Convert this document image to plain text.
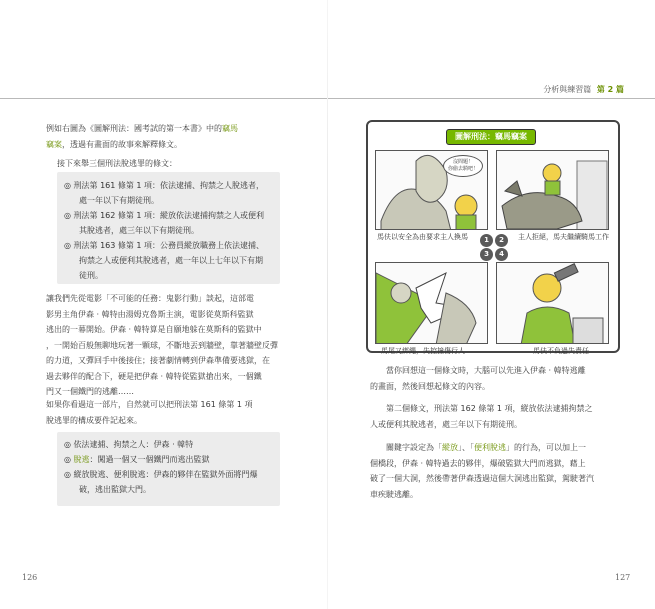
分析與練習篇 第 2 篇
例如右圖為《圖解刑法：國考試的第一本書》中的竊馬
竊案，透過有畫面的故事來解釋條文。
接下來舉三個刑法脫逃罪的條文：
◎ 刑法第 161 條第 1 項：依法逮捕、拘禁之人脫逃者，
處一年以下有期徒刑。
◎ 刑法第 162 條第 1 項：縱放依法逮捕拘禁之人或便利
其脫逃者，處三年以下有期徒刑。
◎ 刑法第 163 條第 1 項：公務員縱放職務上依法逮捕、
拘禁之人或便利其脫逃者，處一年以上七年以下有期
徒刑。
讓我們先從電影「不可能的任務：鬼影行動」談起，這部電
影男主角伊森 ‧ 韓特由湯姆克魯斯主演，電影從莫斯科監獄
逃出的一幕開始。伊森 ‧ 韓特算是自願地躲在莫斯科的監獄中
，一開始百般無聊地玩著一顆球，不斷地丟到牆壁，靠著牆壁反彈
的力道，又彈回手中後接住；接著劇情轉到伊森準備要逃獄，在
過去夥伴的配合下，硬是把伊森 ‧ 韓特從監獄搶出來，一個鐵
門又一個鐵門的逃離……
如果你看過這一部片，自然就可以把刑法第 161 條第 1 項
脫逃罪的構成要件記起來。
◎ 依法逮捕、拘禁之人：伊森 ‧ 韓特
◎ 脫逃：闖過一個又一個鐵門而逃出監獄
◎ 縱放脫逃、便利脫逃：伊森的夥伴在監獄外面將門爆
破，逃出監獄大門。
126
沒問題！
你偷去騎吧！
圖解刑法：竊馬竊案
馬伕以安全為由要求主人換馬	主人拒絕，馬夫繼續騎馬工作
馬尾又綁繩，失控撞傷行人	馬伕不負過失責任
1	2
3	4
當你回想這一個條文時，大腦可以先進入伊森 ‧ 韓特逃離
的畫面，然後回想起條文的內容。
第二個條文，刑法第 162 條第 1 項，縱放依法逮捕拘禁之
人或便利其脫逃者，處三年以下有期徒刑。
關鍵字設定為「縱放」、「便利脫逃」的行為，可以加上一
個橋段，伊森 ‧ 韓特過去的夥伴，爆破監獄大門而逃獄，藉上
破了一個大洞，然後帶著伊森透過這個大洞逃出監獄，駕駛著汽
車疾駛逃離。
127
